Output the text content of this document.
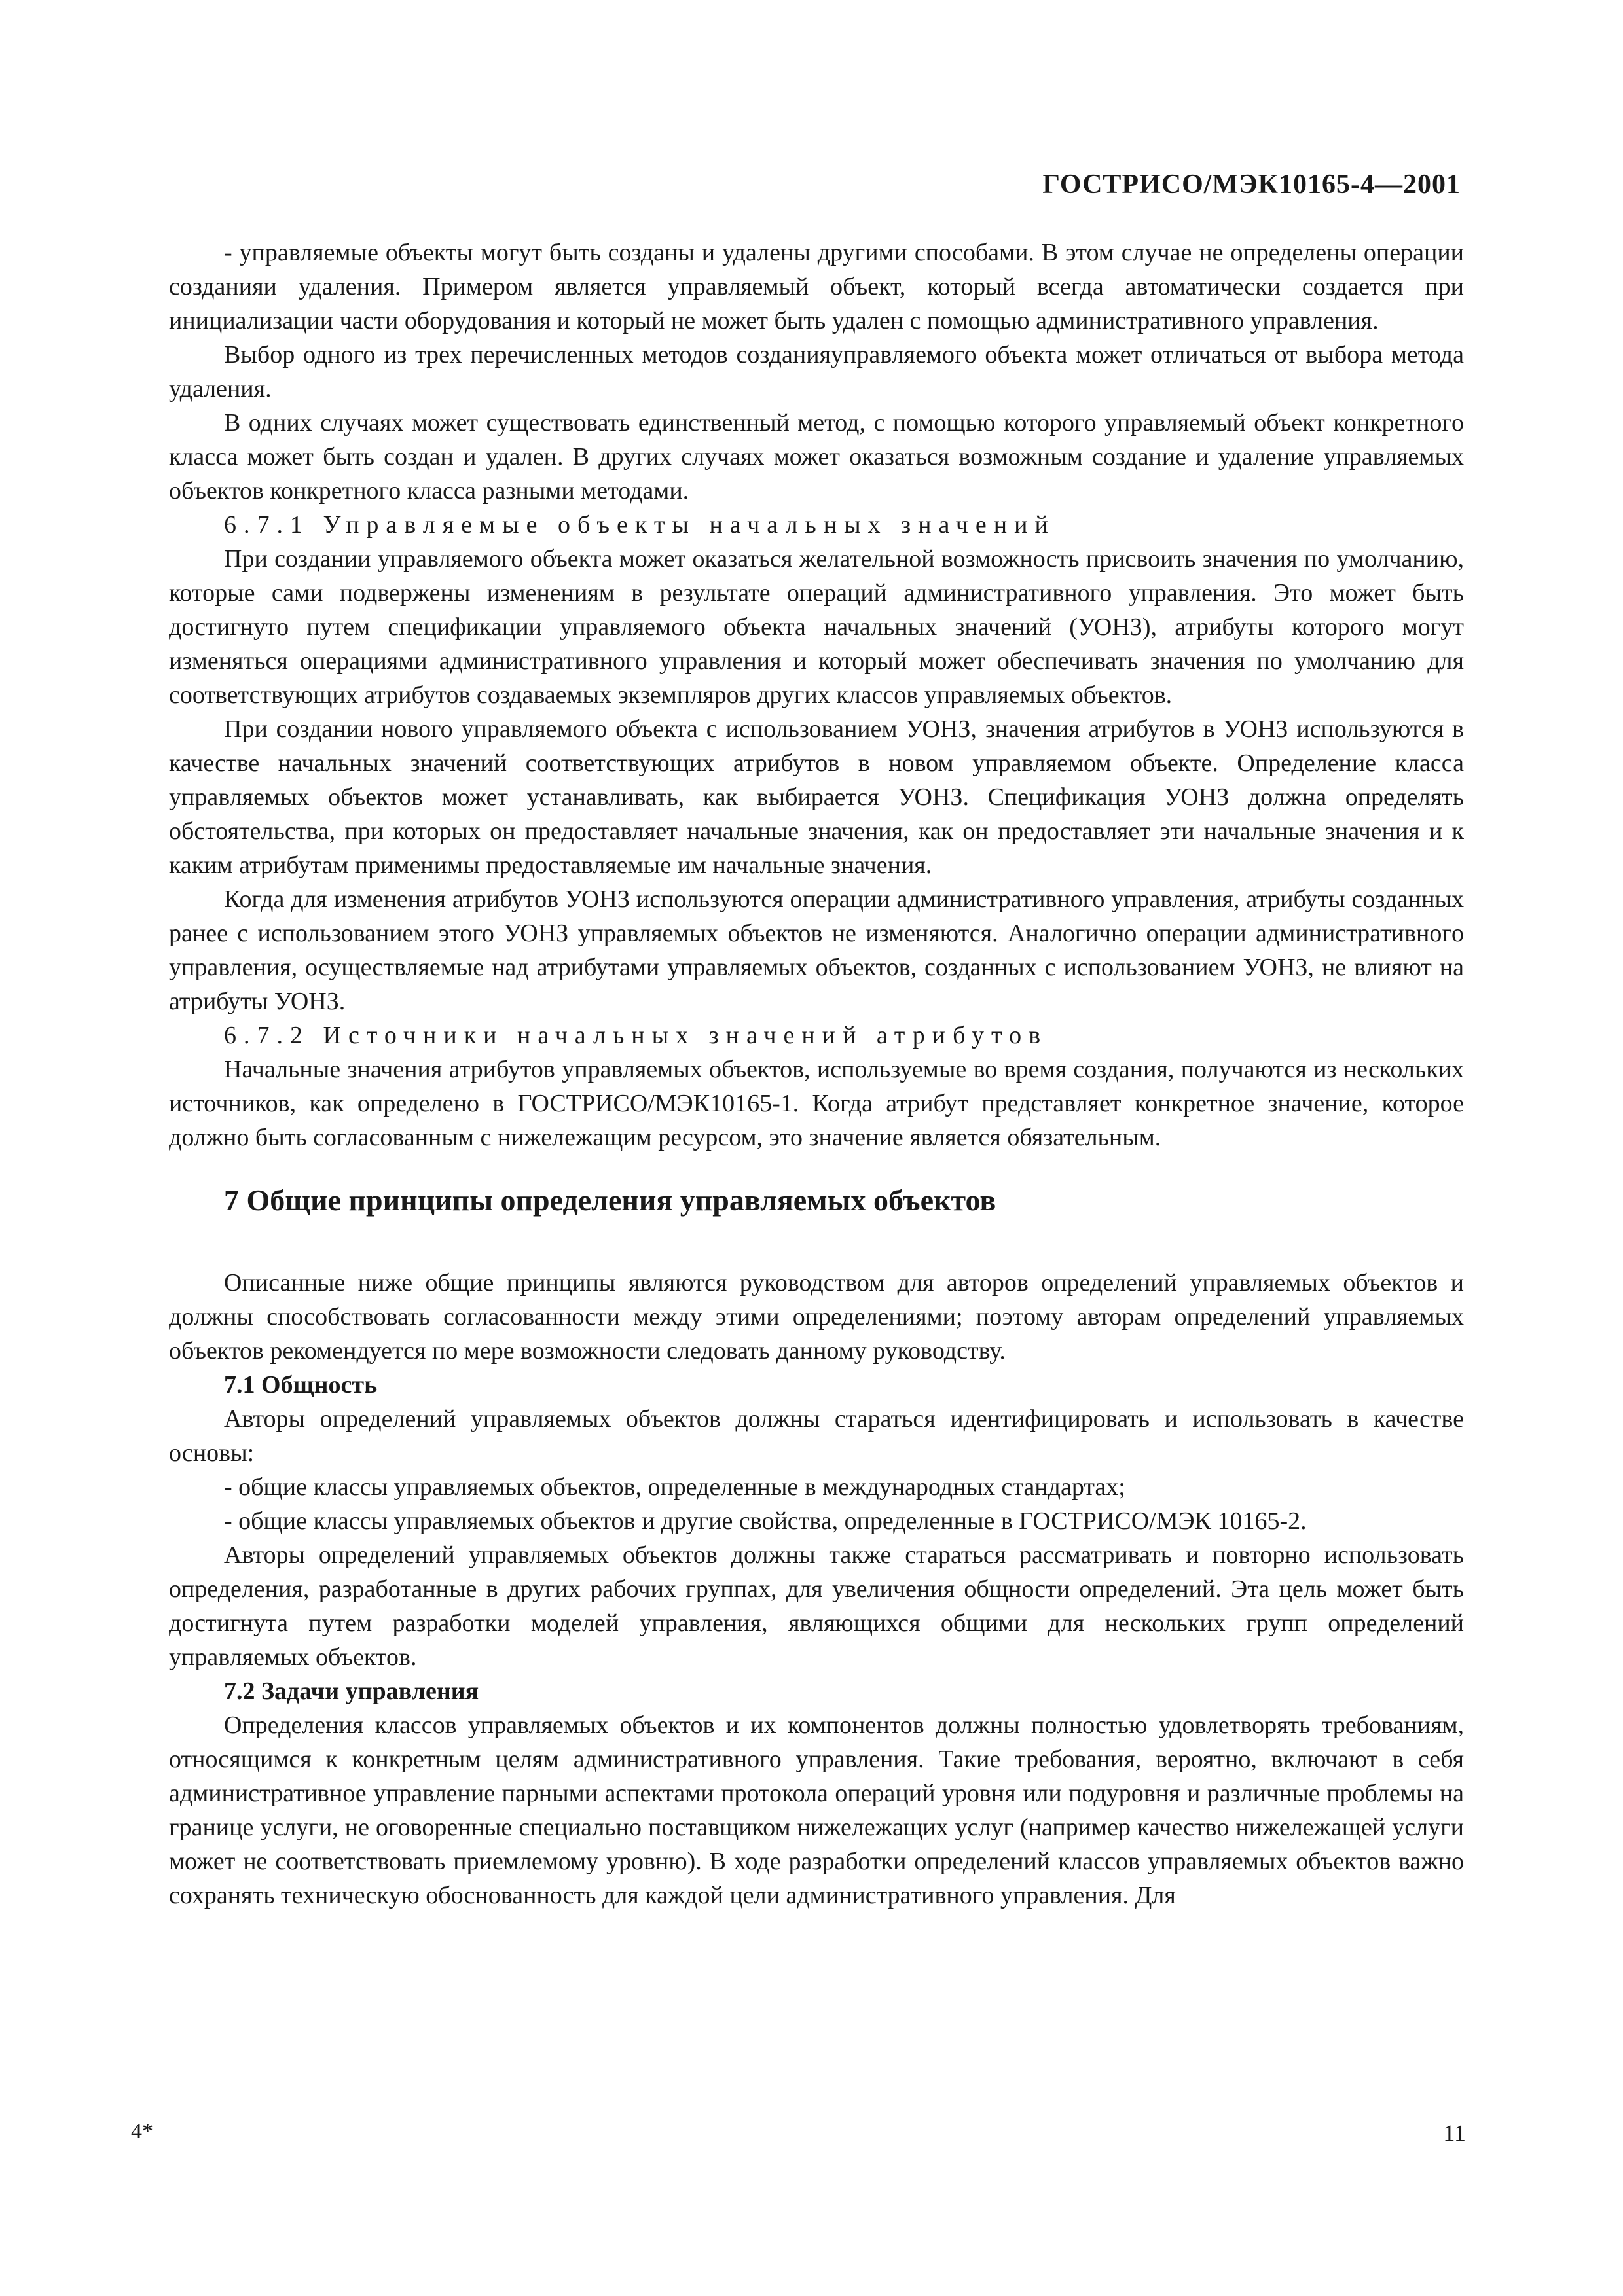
ГОСТРИСО/МЭК10165-4—2001

- управляемые объекты могут быть созданы и удалены другими способами. В этом случае не определены операции созданияи удаления. Примером является управляемый объект, который всегда автоматически создается при инициализации части оборудования и который не может быть удален с помощью административного управления.

Выбор одного из трех перечисленных методов созданияуправляемого объекта может отличаться от выбора метода удаления.

В одних случаях может существовать единственный метод, с помощью которого управляемый объект конкретного класса может быть создан и удален. В других случаях может оказаться возможным создание и удаление управляемых объектов конкретного класса разными методами.

6.7.1 Управляемые объекты начальных значений

При создании управляемого объекта может оказаться желательной возможность присвоить значения по умолчанию, которые сами подвержены изменениям в результате операций административного управления. Это может быть достигнуто путем спецификации управляемого объекта начальных значений (УОНЗ), атрибуты которого могут изменяться операциями административного управления и который может обеспечивать значения по умолчанию для соответствующих атрибутов создаваемых экземпляров других классов управляемых объектов.

При создании нового управляемого объекта с использованием УОНЗ, значения атрибутов в УОНЗ используются в качестве начальных значений соответствующих атрибутов в новом управляемом объекте. Определение класса управляемых объектов может устанавливать, как выбирается УОНЗ. Спецификация УОНЗ должна определять обстоятельства, при которых он предоставляет начальные значения, как он предоставляет эти начальные значения и к каким атрибутам применимы предоставляемые им начальные значения.

Когда для изменения атрибутов УОНЗ используются операции административного управления, атрибуты созданных ранее с использованием этого УОНЗ управляемых объектов не изменяются. Аналогично операции административного управления, осуществляемые над атрибутами управляемых объектов, созданных с использованием УОНЗ, не влияют на атрибуты УОНЗ.

6.7.2 Источники начальных значений атрибутов

Начальные значения атрибутов управляемых объектов, используемые во время создания, получаются из нескольких источников, как определено в ГОСТРИСО/МЭК10165-1. Когда атрибут представляет конкретное значение, которое должно быть согласованным с нижележащим ресурсом, это значение является обязательным.

7 Общие принципы определения управляемых объектов

Описанные ниже общие принципы являются руководством для авторов определений управляемых объектов и должны способствовать согласованности между этими определениями; поэтому авторам определений управляемых объектов рекомендуется по мере возможности следовать данному руководству.

7.1 Общность

Авторы определений управляемых объектов должны стараться идентифицировать и использовать в качестве основы:

- общие классы управляемых объектов, определенные в международных стандартах;

- общие классы управляемых объектов и другие свойства, определенные в ГОСТРИСО/МЭК 10165-2.

Авторы определений управляемых объектов должны также стараться рассматривать и повторно использовать определения, разработанные в других рабочих группах, для увеличения общности определений. Эта цель может быть достигнута путем разработки моделей управления, являющихся общими для нескольких групп определений управляемых объектов.

7.2 Задачи управления

Определения классов управляемых объектов и их компонентов должны полностью удовлетворять требованиям, относящимся к конкретным целям административного управления. Такие требования, вероятно, включают в себя административное управление парными аспектами протокола операций уровня или подуровня и различные проблемы на границе услуги, не оговоренные специально поставщиком нижележащих услуг (например качество нижележащей услуги может не соответствовать приемлемому уровню). В ходе разработки определений классов управляемых объектов важно сохранять техническую обоснованность для каждой цели административного управления. Для

4*	11
